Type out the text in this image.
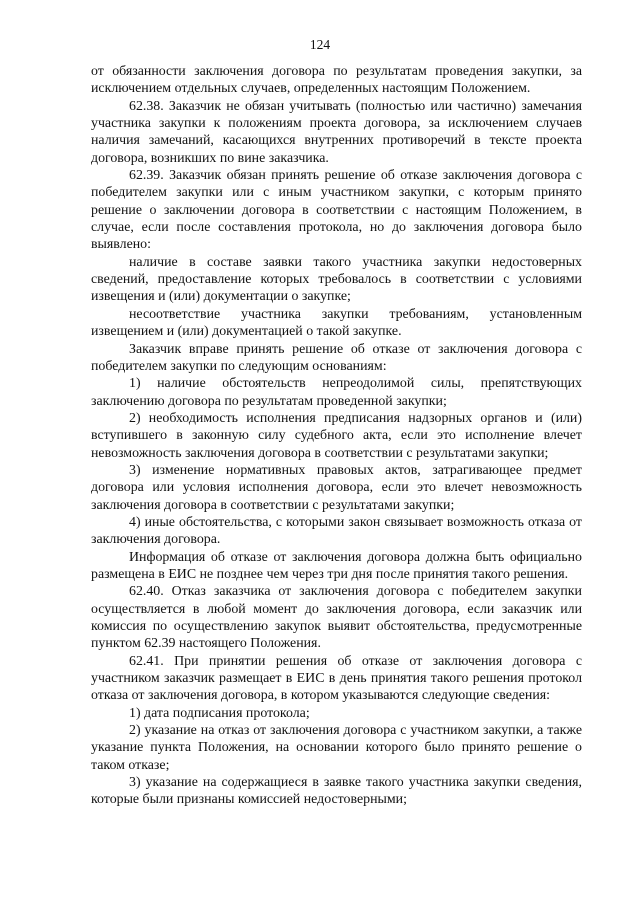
124

от обязанности заключения договора по результатам проведения закупки, за исключением отдельных случаев, определенных настоящим Положением.

62.38. Заказчик не обязан учитывать (полностью или частично) замечания участника закупки к положениям проекта договора, за исключением случаев наличия замечаний, касающихся внутренних противоречий в тексте проекта договора, возникших по вине заказчика.

62.39. Заказчик обязан принять решение об отказе заключения договора с победителем закупки или с иным участником закупки, с которым принято решение о заключении договора в соответствии с настоящим Положением, в случае, если после составления протокола, но до заключения договора было выявлено:

наличие в составе заявки такого участника закупки недостоверных сведений, предоставление которых требовалось в соответствии с условиями извещения и (или) документации о закупке;

несоответствие участника закупки требованиям, установленным извещением и (или) документацией о такой закупке.

Заказчик вправе принять решение об отказе от заключения договора с победителем закупки по следующим основаниям:

1) наличие обстоятельств непреодолимой силы, препятствующих заключению договора по результатам проведенной закупки;

2) необходимость исполнения предписания надзорных органов и (или) вступившего в законную силу судебного акта, если это исполнение влечет невозможность заключения договора в соответствии с результатами закупки;

3) изменение нормативных правовых актов, затрагивающее предмет договора или условия исполнения договора, если это влечет невозможность заключения договора в соответствии с результатами закупки;

4) иные обстоятельства, с которыми закон связывает возможность отказа от заключения договора.

Информация об отказе от заключения договора должна быть официально размещена в ЕИС не позднее чем через три дня после принятия такого решения.

62.40. Отказ заказчика от заключения договора с победителем закупки осуществляется в любой момент до заключения договора, если заказчик или комиссия по осуществлению закупок выявит обстоятельства, предусмотренные пунктом 62.39 настоящего Положения.

62.41. При принятии решения об отказе от заключения договора с участником заказчик размещает в ЕИС в день принятия такого решения протокол отказа от заключения договора, в котором указываются следующие сведения:

1) дата подписания протокола;

2) указание на отказ от заключения договора с участником закупки, а также указание пункта Положения, на основании которого было принято решение о таком отказе;

3) указание на содержащиеся в заявке такого участника закупки сведения, которые были признаны комиссией недостоверными;
